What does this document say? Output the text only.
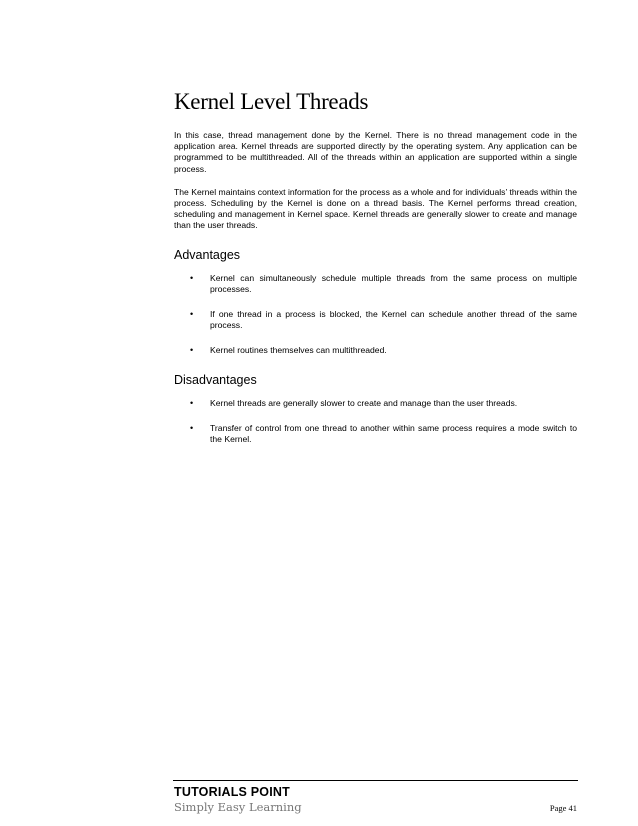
Kernel Level Threads

In this case, thread management done by the Kernel. There is no thread management code in the application area. Kernel threads are supported directly by the operating system. Any application can be programmed to be multithreaded. All of the threads within an application are supported within a single process.

The Kernel maintains context information for the process as a whole and for individuals’ threads within the process. Scheduling by the Kernel is done on a thread basis. The Kernel performs thread creation, scheduling and management in Kernel space. Kernel threads are generally slower to create and manage than the user threads.

Advantages
• Kernel can simultaneously schedule multiple threads from the same process on multiple processes.
• If one thread in a process is blocked, the Kernel can schedule another thread of the same process.
• Kernel routines themselves can multithreaded.
Disadvantages
• Kernel threads are generally slower to create and manage than the user threads.
• Transfer of control from one thread to another within same process requires a mode switch to the Kernel.
TUTORIALS POINT
Simply Easy Learning	Page 41
